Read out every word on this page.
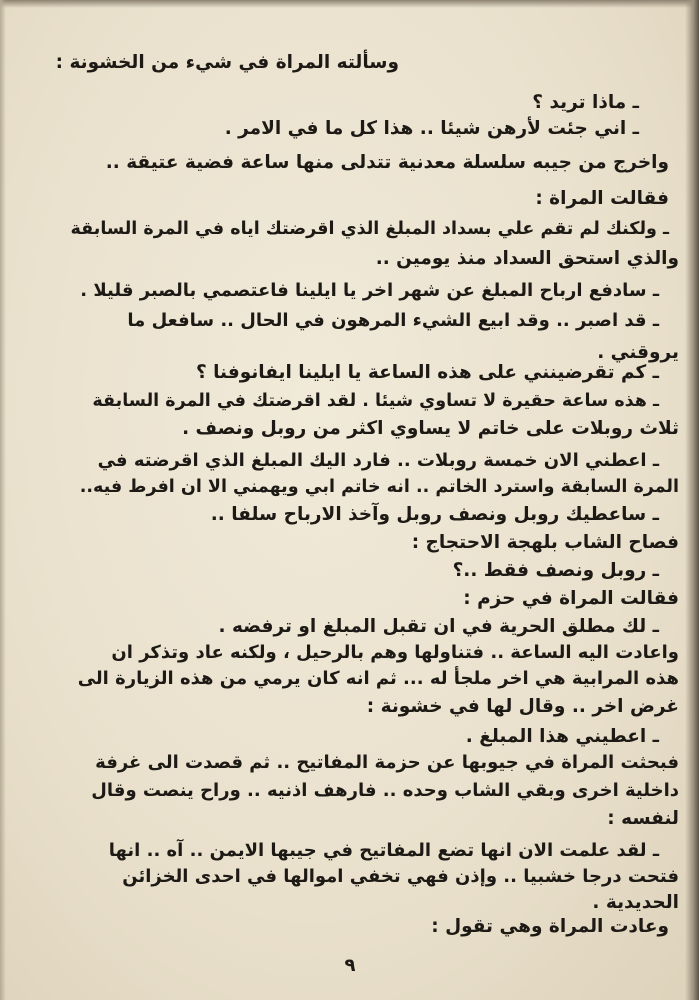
وسألته المراة في شيء من الخشونة :
ـ ماذا تريد ؟
ـ اني جئت لأرهن شيئا .. هذا كل ما في الامر .
واخرج من جيبه سلسلة معدنية تتدلى منها ساعة فضية عتيقة ..
فقالت المراة :
ـ ولكنك لم تقم علي بسداد المبلغ الذي اقرضتك اياه في المرة السابقة
والذي استحق السداد منذ يومين ..
ـ سادفع ارباح المبلغ عن شهر اخر يا ايلينا فاعتصمي بالصبر قليلا .
ـ قد اصبر .. وقد ابيع الشيء المرهون في الحال .. سافعل ما
يروقني .
ـ كم تقرضينني على هذه الساعة يا ايلينا ايفانوفنا ؟
ـ هذه ساعة حقيرة لا تساوي شيئا . لقد اقرضتك في المرة السابقة
ثلاث روبلات على خاتم لا يساوي اكثر من روبل ونصف .
ـ اعطني الان خمسة روبلات .. فارد اليك المبلغ الذي اقرضته في
المرة السابقة واسترد الخاتم .. انه خاتم ابي ويهمني الا ان افرط فيه..
ـ ساعطيك روبل ونصف روبل وآخذ الارباح سلفا ..
فصاح الشاب بلهجة الاحتجاج :
ـ روبل ونصف فقط ..؟
فقالت المراة في حزم :
ـ لك مطلق الحرية في ان تقبل المبلغ او ترفضه .
واعادت اليه الساعة .. فتناولها وهم بالرحيل ، ولكنه عاد وتذكر ان
هذه المرابية هي اخر ملجأ له ... ثم انه كان يرمي من هذه الزيارة الى
غرض اخر .. وقال لها في خشونة :
ـ اعطيني هذا المبلغ .
فبحثت المراة في جيوبها عن حزمة المفاتيح .. ثم قصدت الى غرفة
داخلية اخرى وبقي الشاب وحده .. فارهف اذنيه .. وراح ينصت وقال
لنفسه :
ـ لقد علمت الان انها تضع المفاتيح في جيبها الايمن .. آه .. انها
فتحت درجا خشبيا .. وإذن فهي تخفي اموالها في احدى الخزائن
الحديدية .
وعادت المراة وهي تقول :
٩
